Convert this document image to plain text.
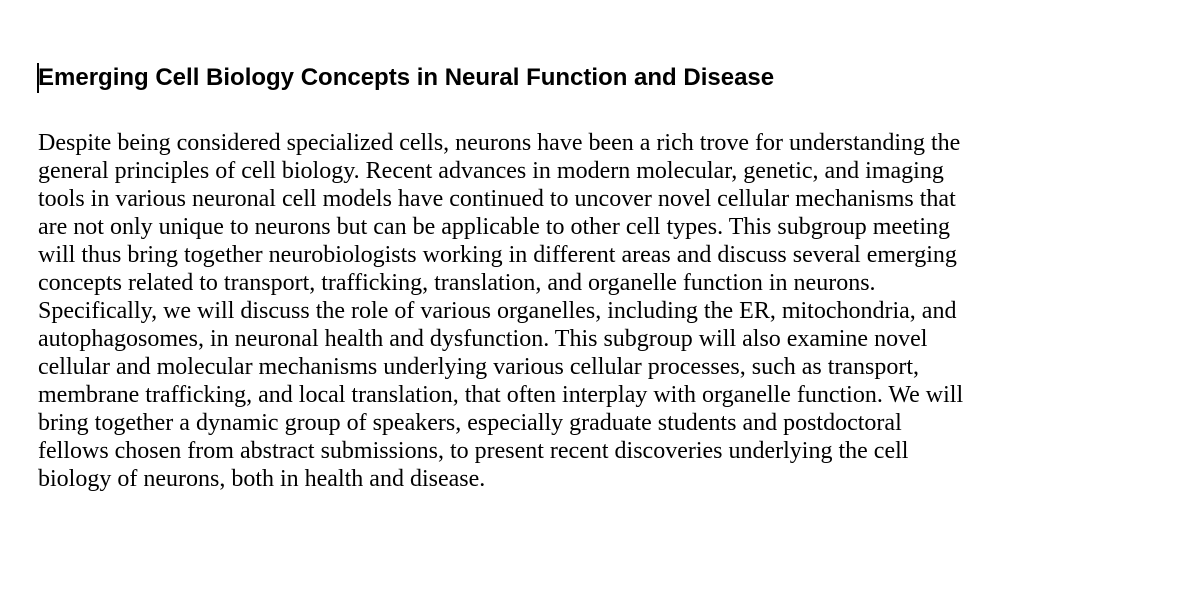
Emerging Cell Biology Concepts in Neural Function and Disease

Despite being considered specialized cells, neurons have been a rich trove for understanding the
general principles of cell biology. Recent advances in modern molecular, genetic, and imaging
tools in various neuronal cell models have continued to uncover novel cellular mechanisms that
are not only unique to neurons but can be applicable to other cell types. This subgroup meeting
will thus bring together neurobiologists working in different areas and discuss several emerging
concepts related to transport, trafficking, translation, and organelle function in neurons.
Specifically, we will discuss the role of various organelles, including the ER, mitochondria, and
autophagosomes, in neuronal health and dysfunction. This subgroup will also examine novel
cellular and molecular mechanisms underlying various cellular processes, such as transport,
membrane trafficking, and local translation, that often interplay with organelle function. We will
bring together a dynamic group of speakers, especially graduate students and postdoctoral
fellows chosen from abstract submissions, to present recent discoveries underlying the cell
biology of neurons, both in health and disease.
